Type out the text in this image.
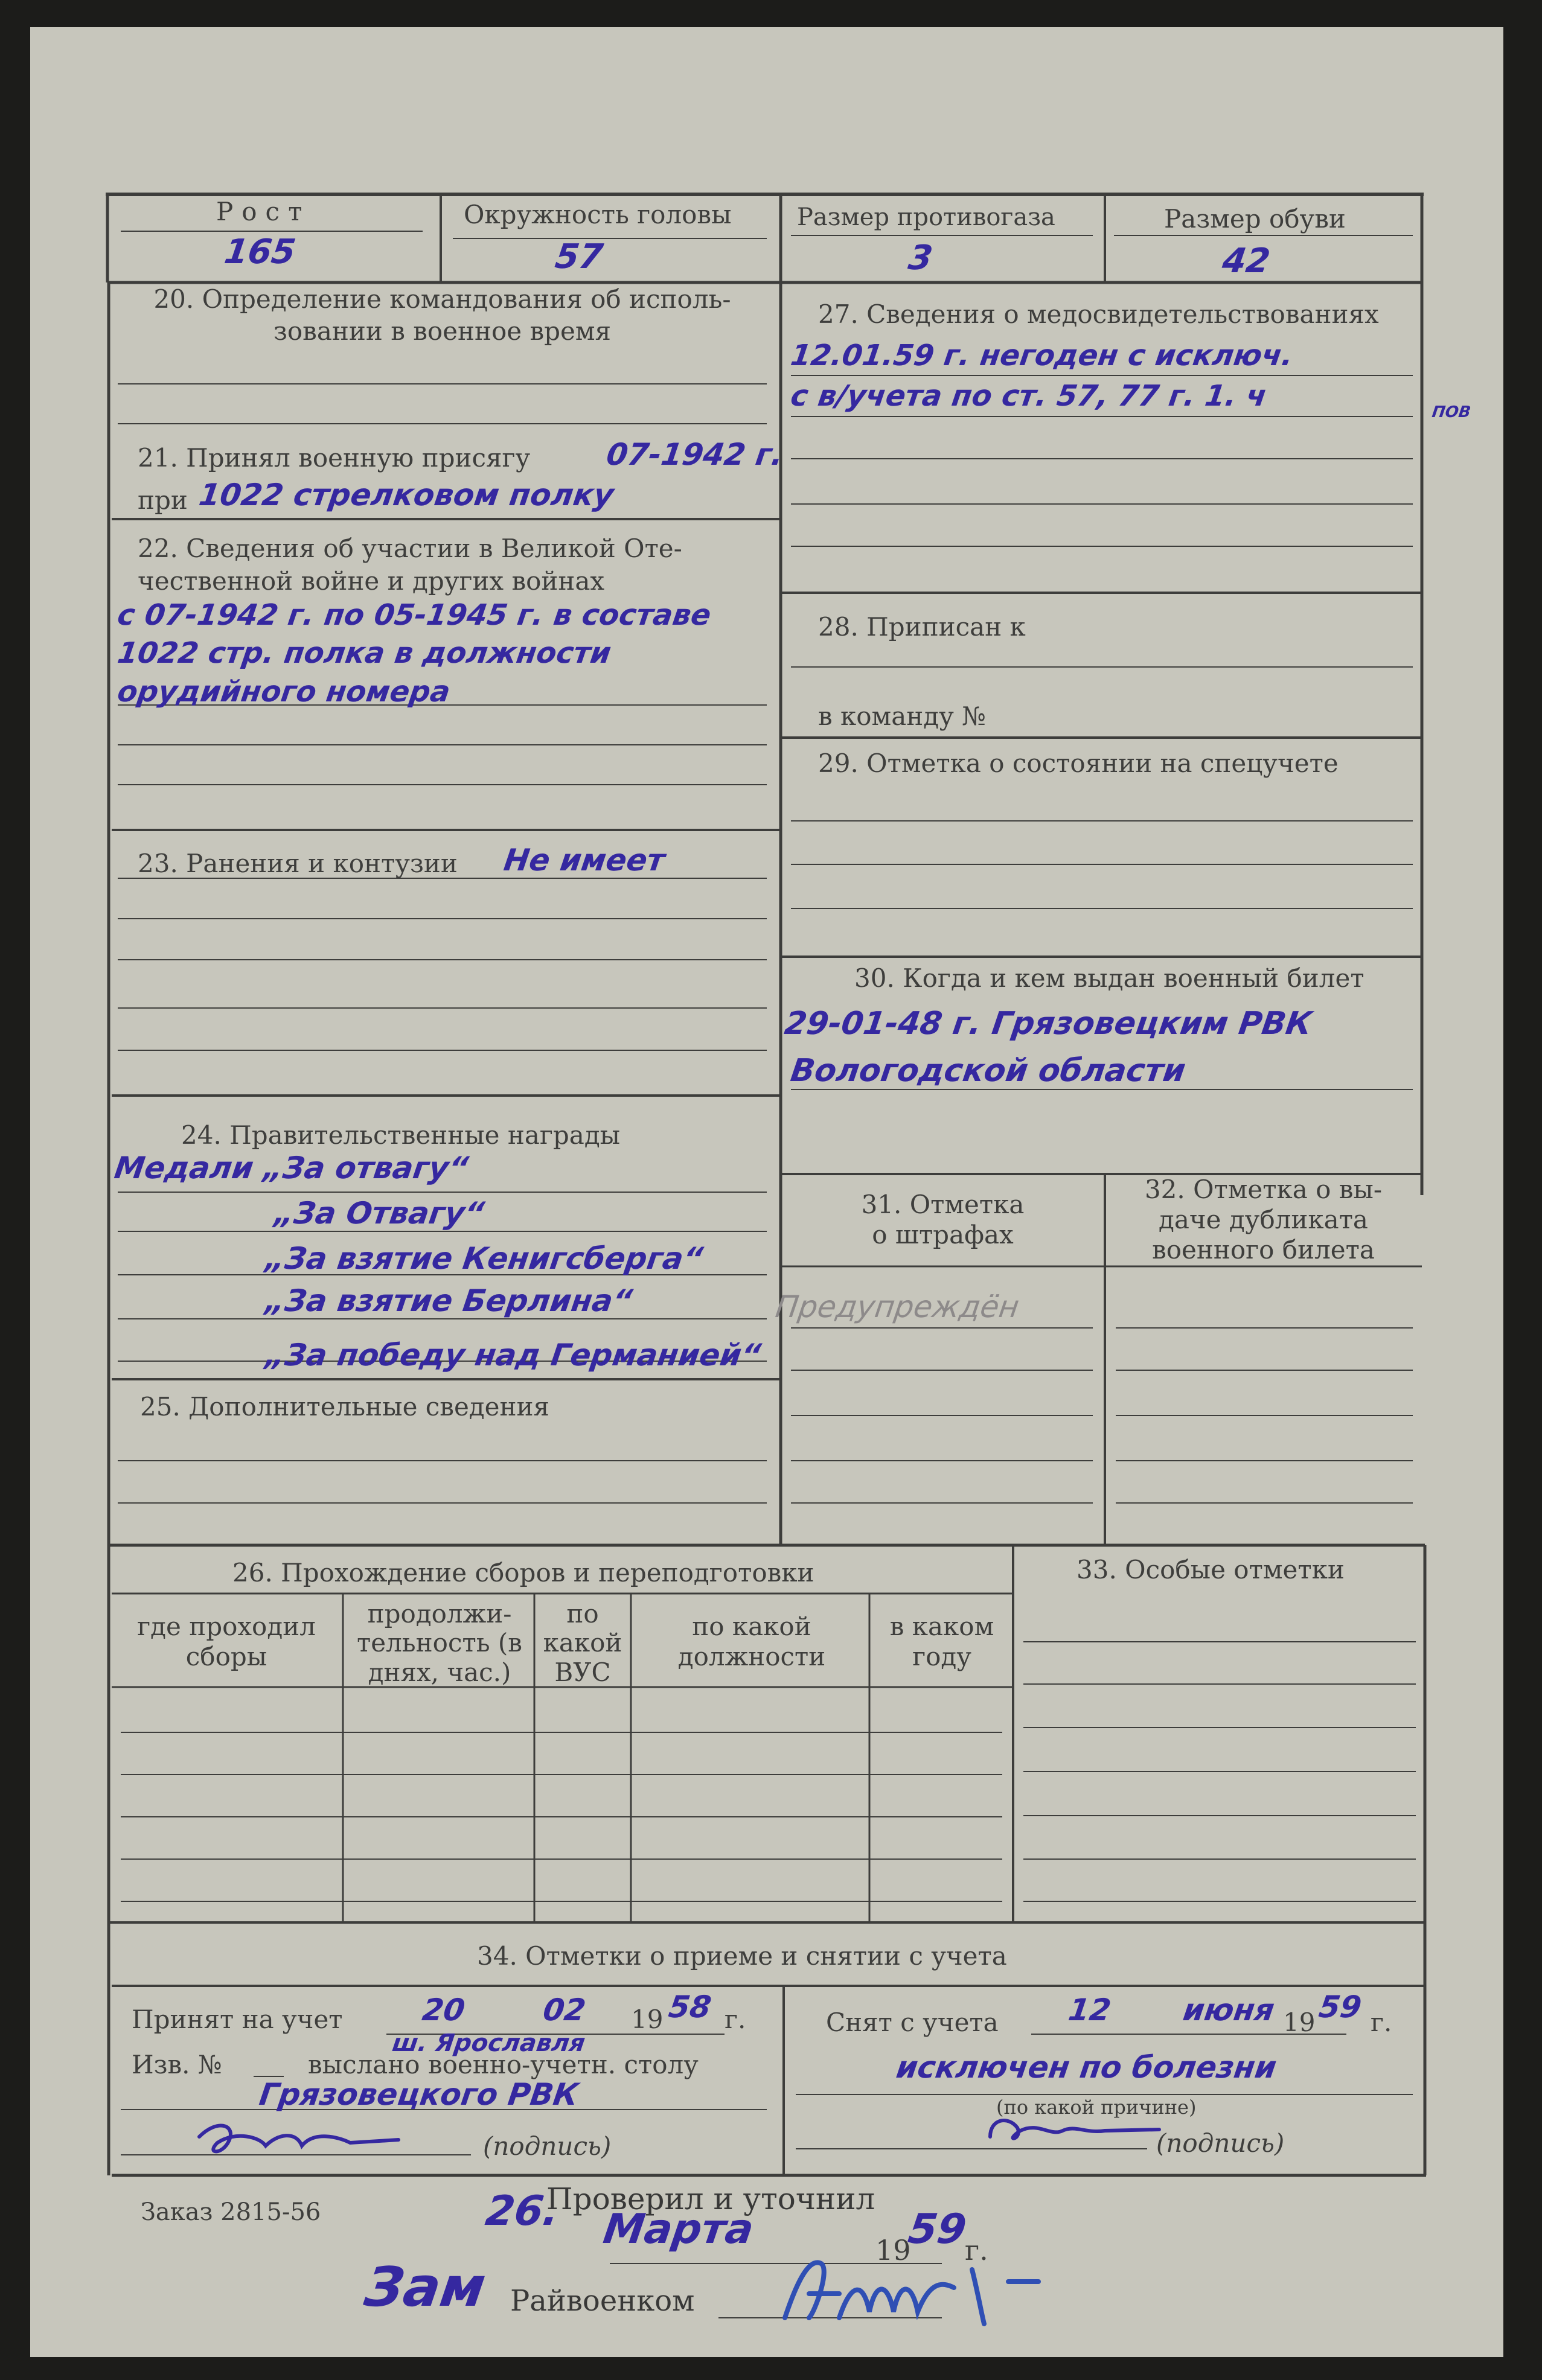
Рост
165
Окружность головы
57
Размер противогаза
3
Размер обуви
42
20. Определение командования об исполь-
зовании в военное время
21. Принял военную присягу 07-1942 г.
при 1022 стрелковом полку
22. Сведения об участии в Великой Оте-
чественной войне и других войнах
с 07-1942 г. по 05-1945 г. в составе
1022 стр. полка в должности
орудийного номера
23. Ранения и контузии Не имеет
24. Правительственные награды
Медали „За отвагу“
„За Отвагу“
„За взятие Кенигсберга“
„За взятие Берлина“
„За победу над Германией“
25. Дополнительные сведения
27. Сведения о медосвидетельствованиях
12.01.59 г. негоден с исключ.
с в/учета по ст. 57, 77 г. 1. ч	ПОВ
28. Приписан к
в команду №
29. Отметка о состоянии на спецучете
30. Когда и кем выдан военный билет
29-01-48 г. Грязовецким РВК
Вологодской области
31. Отметка
о штрафах
Предупреждён
32. Отметка о вы-
даче дубликата
военного билета
26. Прохождение сборов и переподготовки
где проходил сборы
продолжи- тельность (в днях, час.)
по какой ВУС
по какой должности
в каком году
33. Особые отметки
34. Отметки о приеме и снятии с учета
Принят на учет	20 02 19 58 г.
ш. Ярославля
Изв. №	выслано военно-учетн. столу
Грязовецкого РВК
(подпись)
Снят с учета 12 июня 19 59 г.
исключен по болезни
(по какой причине)
(подпись)
Заказ 2815-56	Проверил и уточнил
26. Марта	19
59
г.
Зам Райвоенком
